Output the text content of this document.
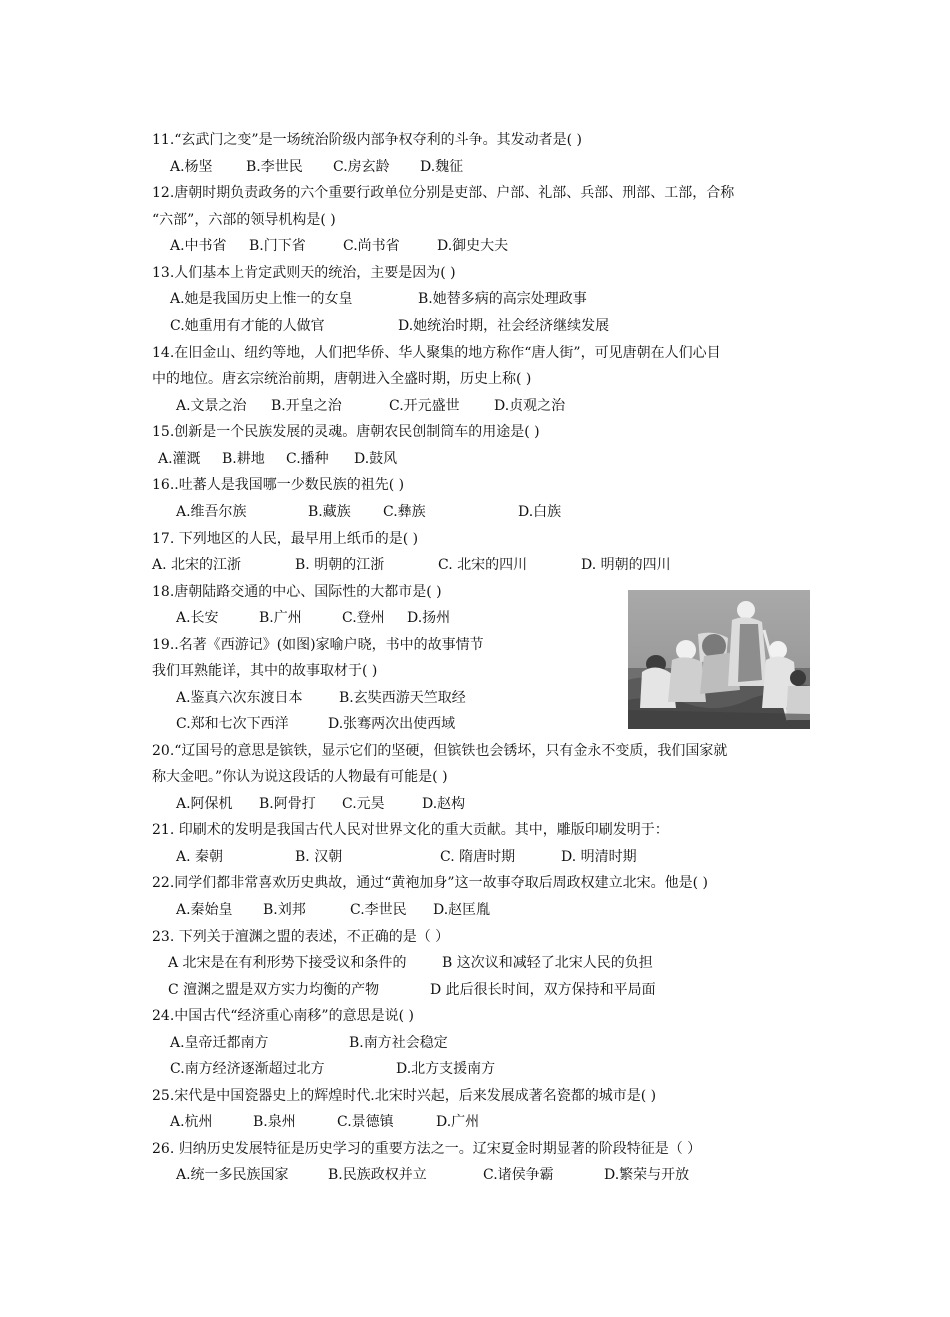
11.“玄武门之变”是一场统治阶级内部争权夺利的斗争。其发动者是( )
A.杨坚 B.李世民 C.房玄龄 D.魏征
12.唐朝时期负责政务的六个重要行政单位分别是吏部、户部、礼部、兵部、刑部、工部，合称
“六部”，六部的领导机构是( )
A.中书省 B.门下省	C.尚书省	D.御史大夫
13.人们基本上肯定武则天的统治，主要是因为( )
A.她是我国历史上惟一的女皇	B.她替多病的高宗处理政事
C.她重用有才能的人做官	D.她统治时期，社会经济继续发展
14.在旧金山、纽约等地，人们把华侨、华人聚集的地方称作“唐人街”，可见唐朝在人们心目
中的地位。唐玄宗统治前期，唐朝进入全盛时期，历史上称( )
A.文景之治 B.开皇之治	C.开元盛世 D.贞观之治
15.创新是一个民族发展的灵魂。唐朝农民创制筒车的用途是( )
A.灌溉 B.耕地 C.播种 D.鼓风
16..吐蕃人是我国哪一少数民族的祖先( )
A.维吾尔族	B.藏族 C.彝族	D.白族
17. 下列地区的人民，最早用上纸币的是( )
A. 北宋的江浙	B. 明朝的江浙	C. 北宋的四川	D. 明朝的四川
18.唐朝陆路交通的中心、国际性的大都市是( )
A.长安	B.广州	C.登州 D.扬州
19..名著《西游记》(如图)家喻户晓，书中的故事情节
我们耳熟能详，其中的故事取材于( )
A.鉴真六次东渡日本	B.玄奘西游天竺取经
C.郑和七次下西洋	D.张骞两次出使西域
20.“辽国号的意思是镔铁，显示它们的坚硬，但镔铁也会锈坏，只有金永不变质，我们国家就
称大金吧。”你认为说这段话的人物最有可能是( )
A.阿保机 B.阿骨打 C.元昊	D.赵构
21. 印刷术的发明是我国古代人民对世界文化的重大贡献。其中，雕版印刷发明于：
A. 秦朝	B. 汉朝	C. 隋唐时期	D. 明清时期
22.同学们都非常喜欢历史典故，通过“黄袍加身”这一故事夺取后周政权建立北宋。他是( )
A.秦始皇 B.刘邦	C.李世民 D.赵匡胤
23. 下列关于澶渊之盟的表述，不正确的是（ ）
A 北宋是在有利形势下接受议和条件的	B 这次议和减轻了北宋人民的负担
C 澶渊之盟是双方实力均衡的产物	D 此后很长时间，双方保持和平局面
24.中国古代“经济重心南移”的意思是说( )
A.皇帝迁都南方	B.南方社会稳定
C.南方经济逐渐超过北方	D.北方支援南方
25.宋代是中国瓷器史上的辉煌时代.北宋时兴起，后来发展成著名瓷都的城市是( )
A.杭州	B.泉州	C.景德镇	D.广州
26. 归纳历史发展特征是历史学习的重要方法之一。辽宋夏金时期显著的阶段特征是（ ）
A.统一多民族国家	B.民族政权并立	C.诸侯争霸	D.繁荣与开放
